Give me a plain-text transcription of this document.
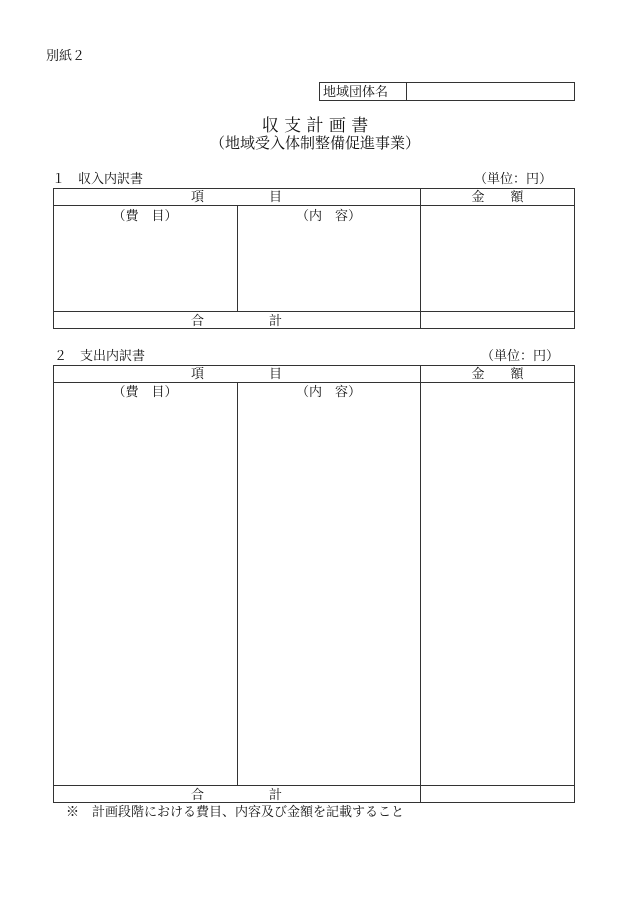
別紙２
地域団体名
収 支 計 画 書
（地域受入体制整備促進事業）
１　収入内訳書	（単位：円）
項　　　　　目	金　　額
（費　目）	（内　容）
合　　　　　計
２　支出内訳書	（単位：円）
項　　　　　目	金　　額
（費　目）	（内　容）
合　　　　　計
※　計画段階における費目、内容及び金額を記載すること
